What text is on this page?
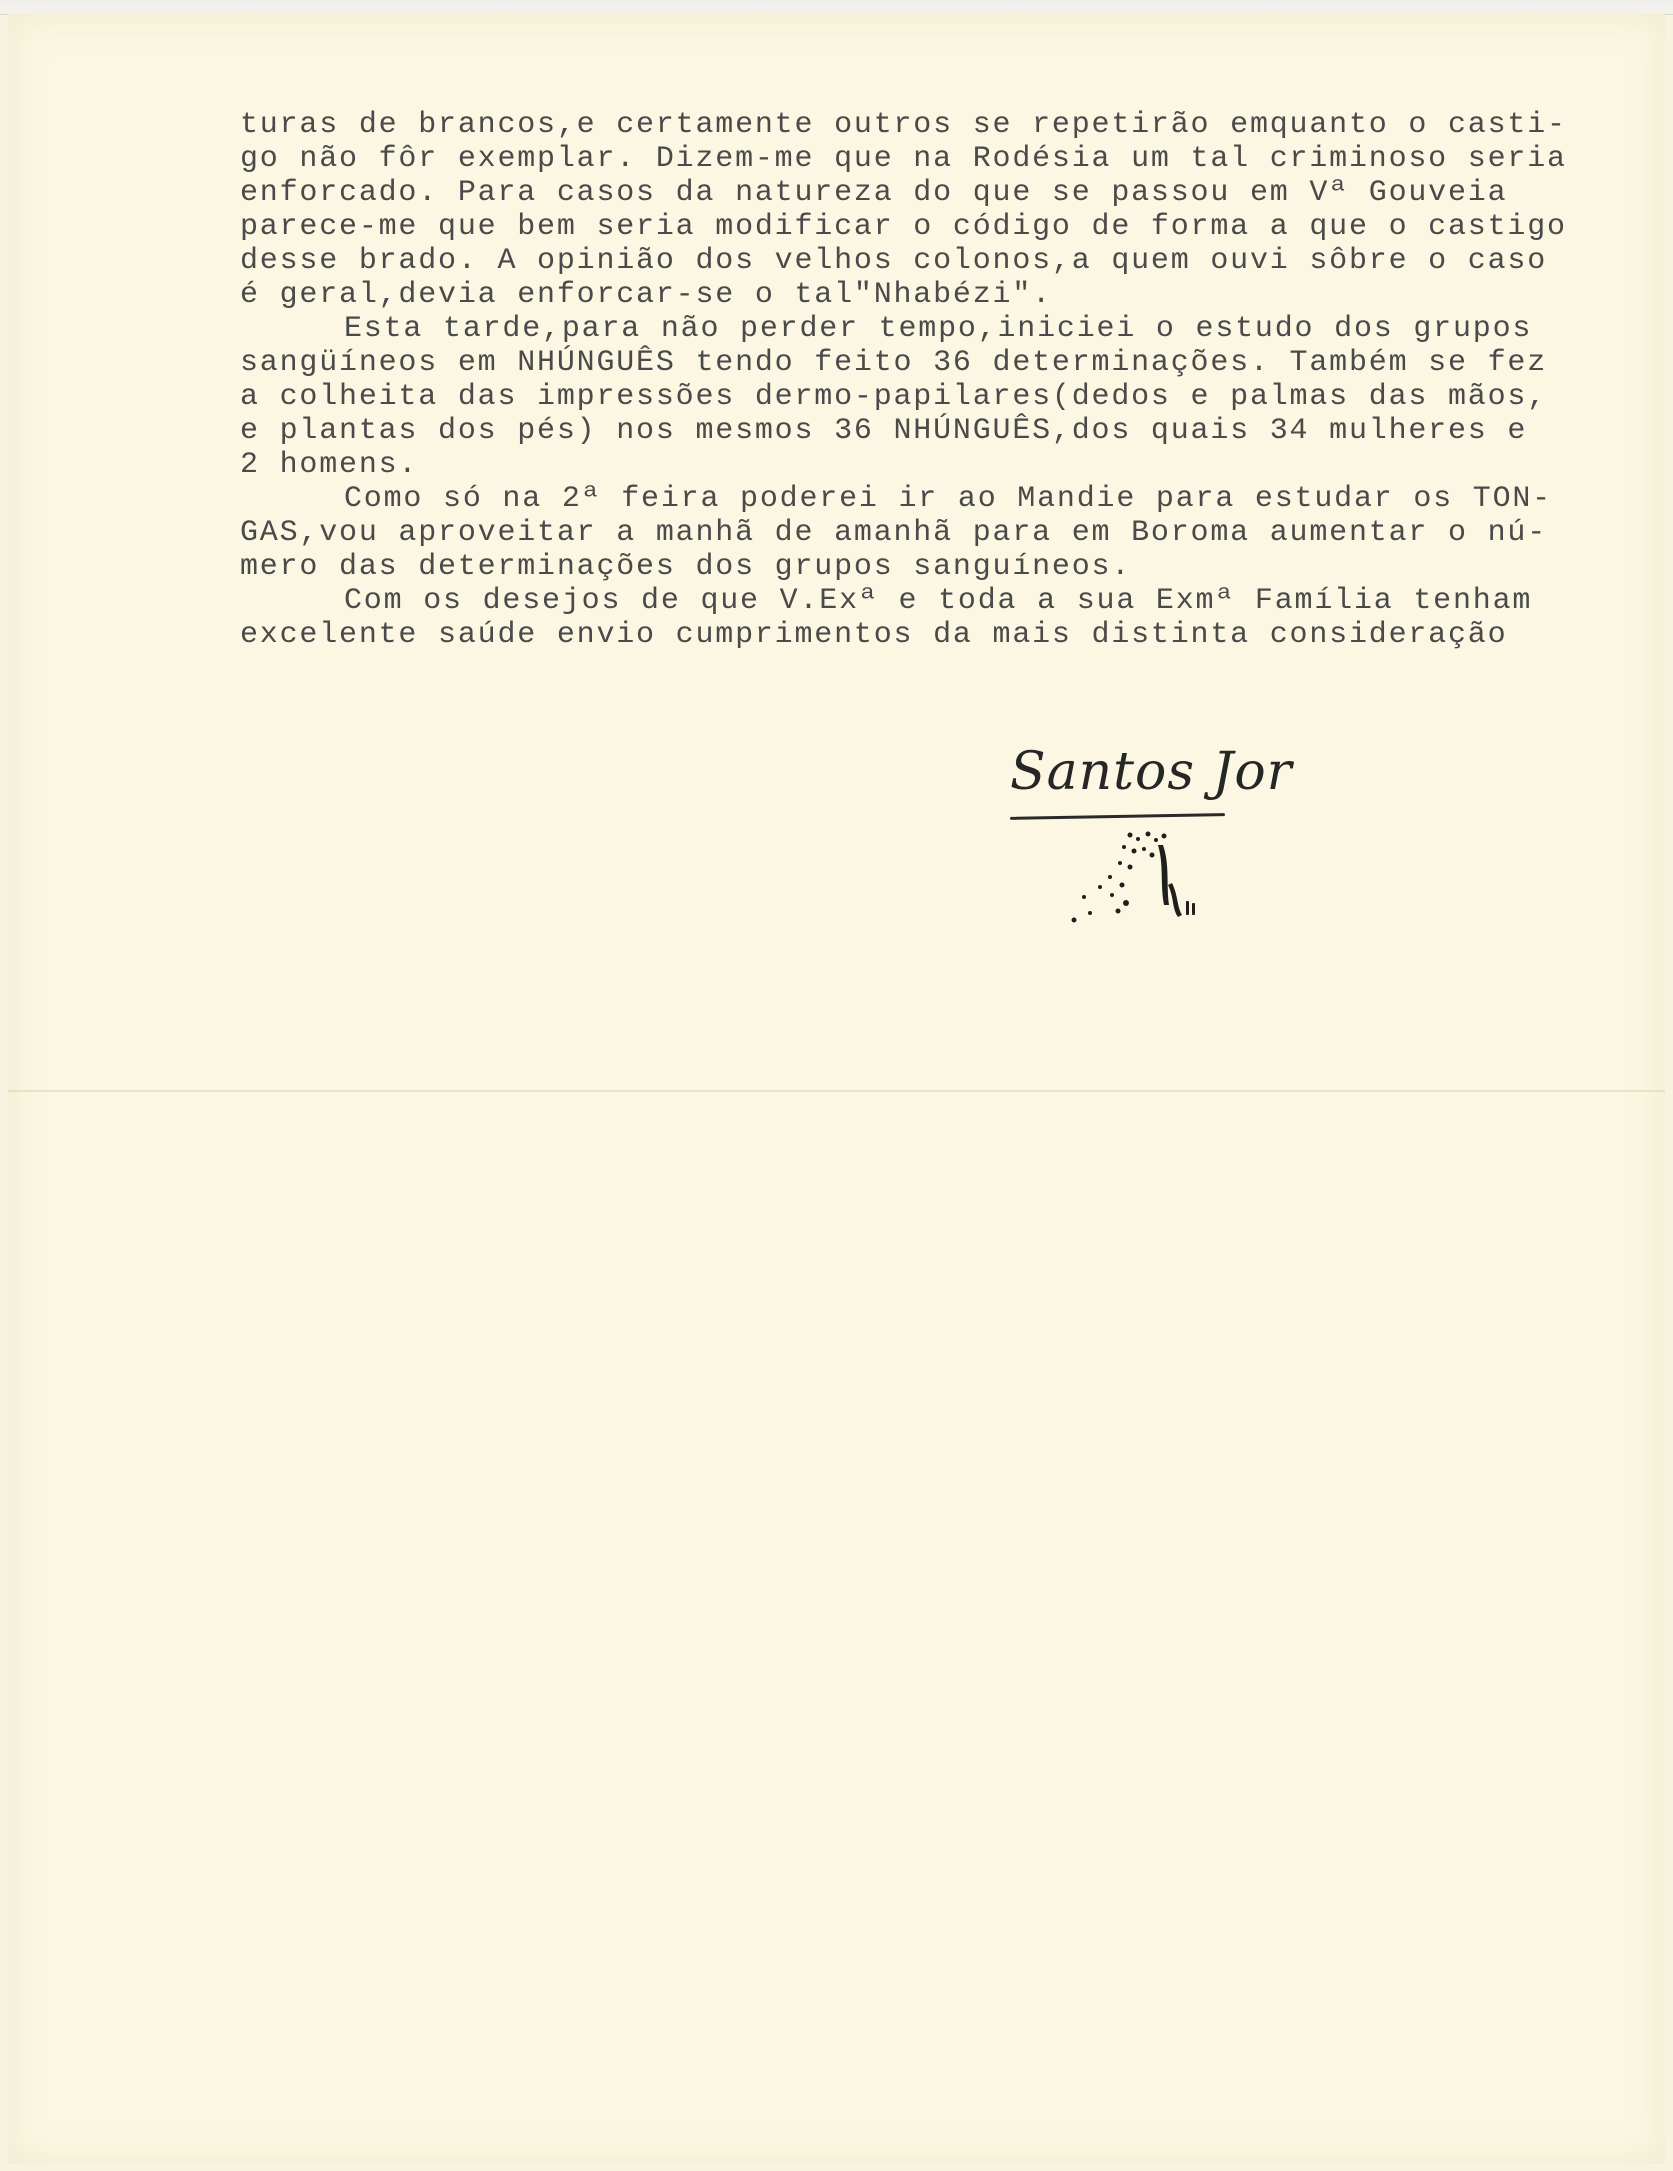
turas de brancos,e certamente outros se repetirão emquanto o casti-
go não fôr exemplar. Dizem-me que na Rodésia um tal criminoso seria
enforcado. Para casos da natureza do que se passou em Vª Gouveia
parece-me que bem seria modificar o código de forma a que o castigo
desse brado. A opinião dos velhos colonos,a quem ouvi sôbre o caso
é geral,devia enforcar-se o tal"Nhabézi".
Esta tarde,para não perder tempo,iniciei o estudo dos grupos
sangüíneos em NHÚNGUÊS tendo feito 36 determinações. Também se fez
a colheita das impressões dermo-papilares(dedos e palmas das mãos,
e plantas dos pés) nos mesmos 36 NHÚNGUÊS,dos quais 34 mulheres e
2 homens.
Como só na 2ª feira poderei ir ao Mandie para estudar os TON-
GAS,vou aproveitar a manhã de amanhã para em Boroma aumentar o nú-
mero das determinações dos grupos sanguíneos.
Com os desejos de que V.Exª e toda a sua Exmª Família tenham
excelente saúde envio cumprimentos da mais distinta consideração
Santos Jor
